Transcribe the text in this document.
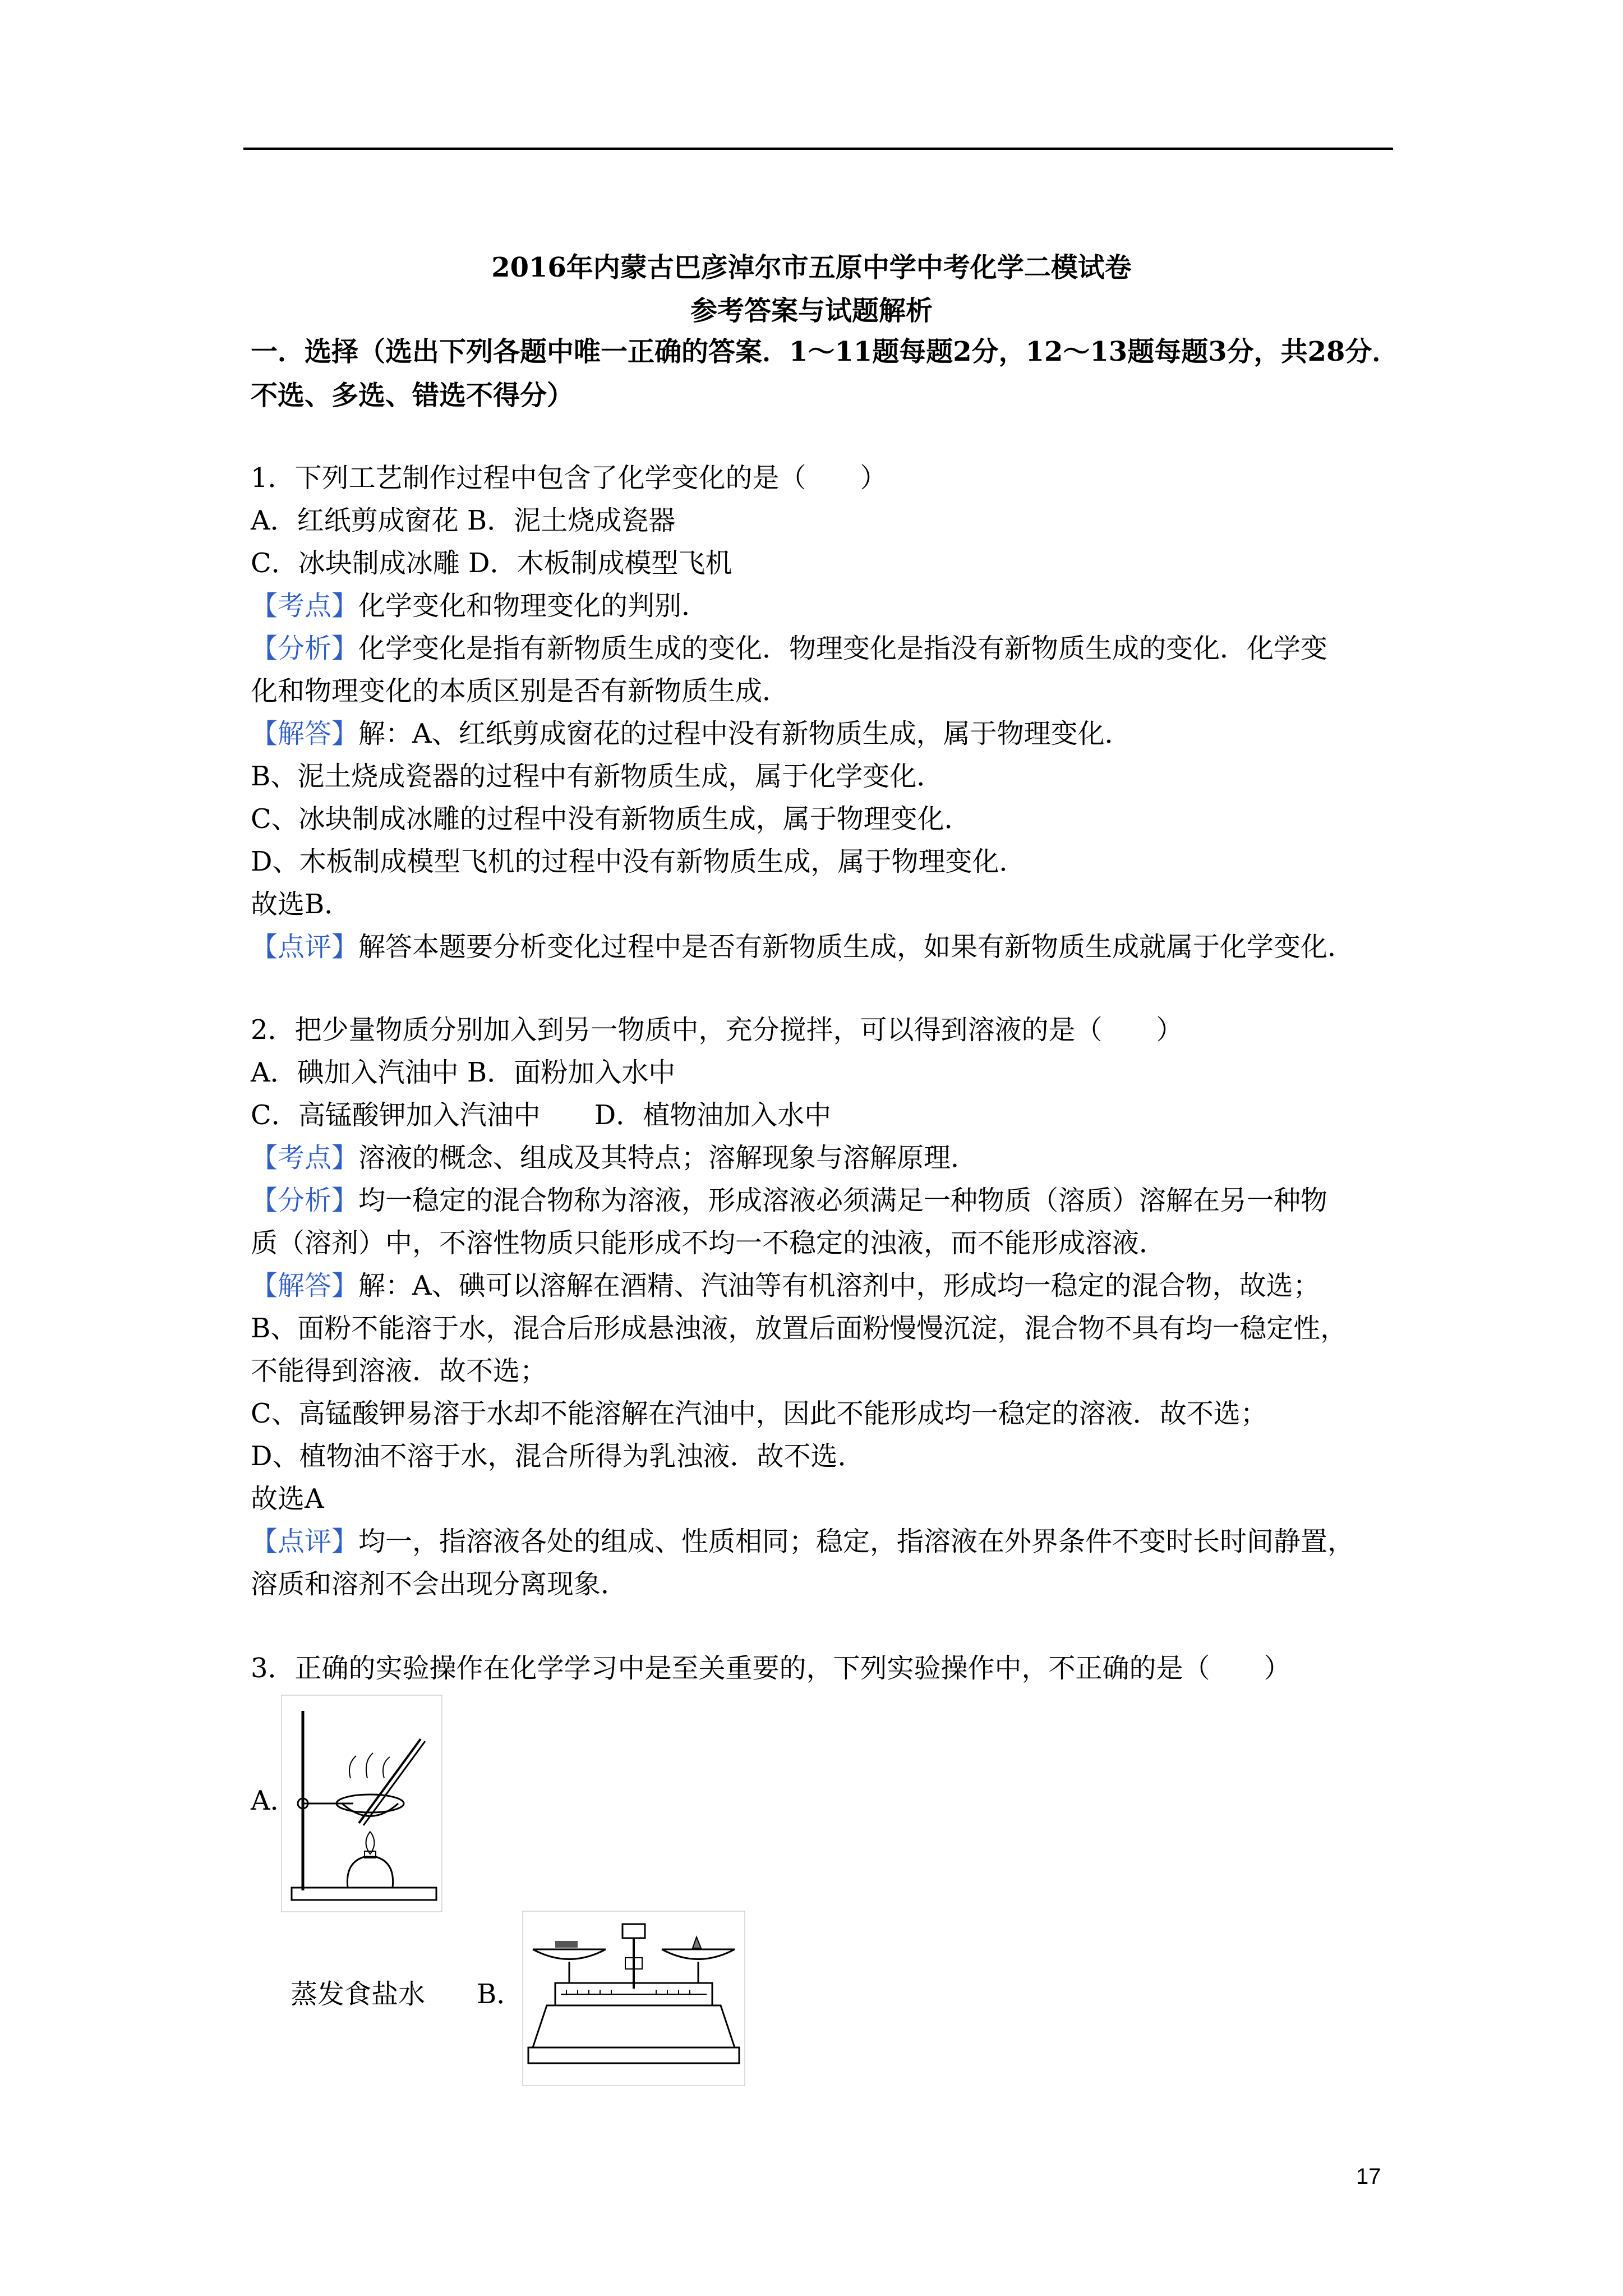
2016年内蒙古巴彦淖尔市五原中学中考化学二模试卷
参考答案与试题解析
一．选择（选出下列各题中唯一正确的答案．1～11题每题2分，12～13题每题3分，共28分．不选、多选、错选不得分）
1．下列工艺制作过程中包含了化学变化的是（　　）
A．红纸剪成窗花 B．泥土烧成瓷器
C．冰块制成冰雕 D．木板制成模型飞机
【考点】化学变化和物理变化的判别．
【分析】化学变化是指有新物质生成的变化．物理变化是指没有新物质生成的变化．化学变
化和物理变化的本质区别是否有新物质生成．
【解答】解：A、红纸剪成窗花的过程中没有新物质生成，属于物理变化．
B、泥土烧成瓷器的过程中有新物质生成，属于化学变化．
C、冰块制成冰雕的过程中没有新物质生成，属于物理变化．
D、木板制成模型飞机的过程中没有新物质生成，属于物理变化．
故选B．
【点评】解答本题要分析变化过程中是否有新物质生成，如果有新物质生成就属于化学变化．
2．把少量物质分别加入到另一物质中，充分搅拌，可以得到溶液的是（　　）
A．碘加入汽油中 B．面粉加入水中
C．高锰酸钾加入汽油中　　D．植物油加入水中
【考点】溶液的概念、组成及其特点；溶解现象与溶解原理．
【分析】均一稳定的混合物称为溶液，形成溶液必须满足一种物质（溶质）溶解在另一种物
质（溶剂）中，不溶性物质只能形成不均一不稳定的浊液，而不能形成溶液．
【解答】解：A、碘可以溶解在酒精、汽油等有机溶剂中，形成均一稳定的混合物，故选；
B、面粉不能溶于水，混合后形成悬浊液，放置后面粉慢慢沉淀，混合物不具有均一稳定性，
不能得到溶液．故不选；
C、高锰酸钾易溶于水却不能溶解在汽油中，因此不能形成均一稳定的溶液．故不选；
D、植物油不溶于水，混合所得为乳浊液．故不选．
故选A
【点评】均一，指溶液各处的组成、性质相同；稳定，指溶液在外界条件不变时长时间静置，
溶质和溶剂不会出现分离现象．
3．正确的实验操作在化学学习中是至关重要的，下列实验操作中，不正确的是（　　）
A．
蒸发食盐水 B．
17
